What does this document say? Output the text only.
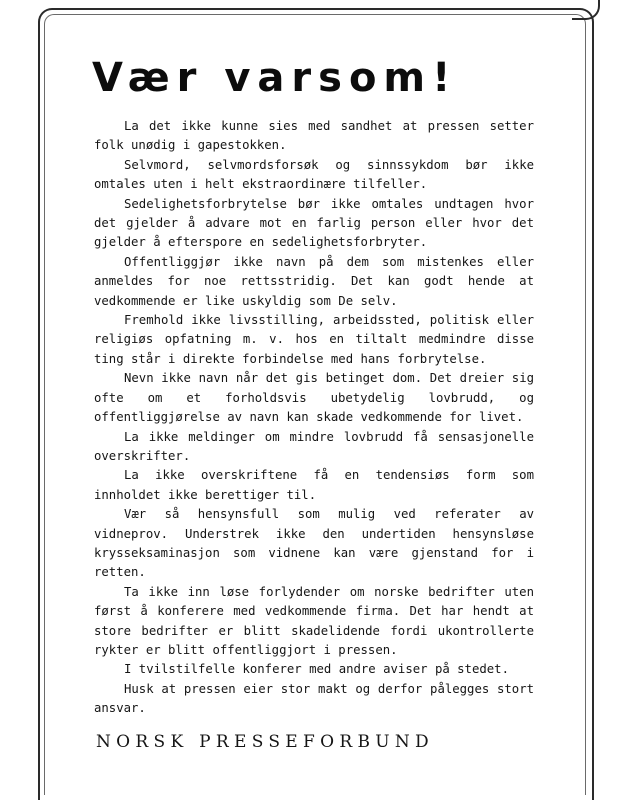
Vær varsom!

La det ikke kunne sies med sandhet at pressen setter folk unødig i gapestokken.

Selvmord, selvmordsforsøk og sinnssykdom bør ikke omtales uten i helt ekstraordinære tilfeller.

Sedelighetsforbrytelse bør ikke omtales undtagen hvor det gjelder å advare mot en farlig person eller hvor det gjelder å efterspore en sedelighetsforbryter.

Offentliggjør ikke navn på dem som mistenkes eller anmeldes for noe rettsstridig. Det kan godt hende at vedkommende er like uskyldig som De selv.

Fremhold ikke livsstilling, arbeidssted, politisk eller religiøs opfatning m. v. hos en tiltalt medmindre disse ting står i direkte forbindelse med hans forbrytelse.

Nevn ikke navn når det gis betinget dom. Det dreier sig ofte om et forholdsvis ubetydelig lovbrudd, og offentliggjørelse av navn kan skade vedkommende for livet.

La ikke meldinger om mindre lovbrudd få sensasjonelle overskrifter.

La ikke overskriftene få en tendensiøs form som innholdet ikke berettiger til.

Vær så hensynsfull som mulig ved referater av vidneprov. Understrek ikke den undertiden hensynsløse krysseksaminasjon som vidnene kan være gjenstand for i retten.

Ta ikke inn løse forlydender om norske bedrifter uten først å konferere med vedkommende firma. Det har hendt at store bedrifter er blitt skadelidende fordi ukontrollerte rykter er blitt offentliggjort i pressen.

I tvilstilfelle konferer med andre aviser på stedet.

Husk at pressen eier stor makt og derfor pålegges stort ansvar.

NORSK PRESSEFORBUND
